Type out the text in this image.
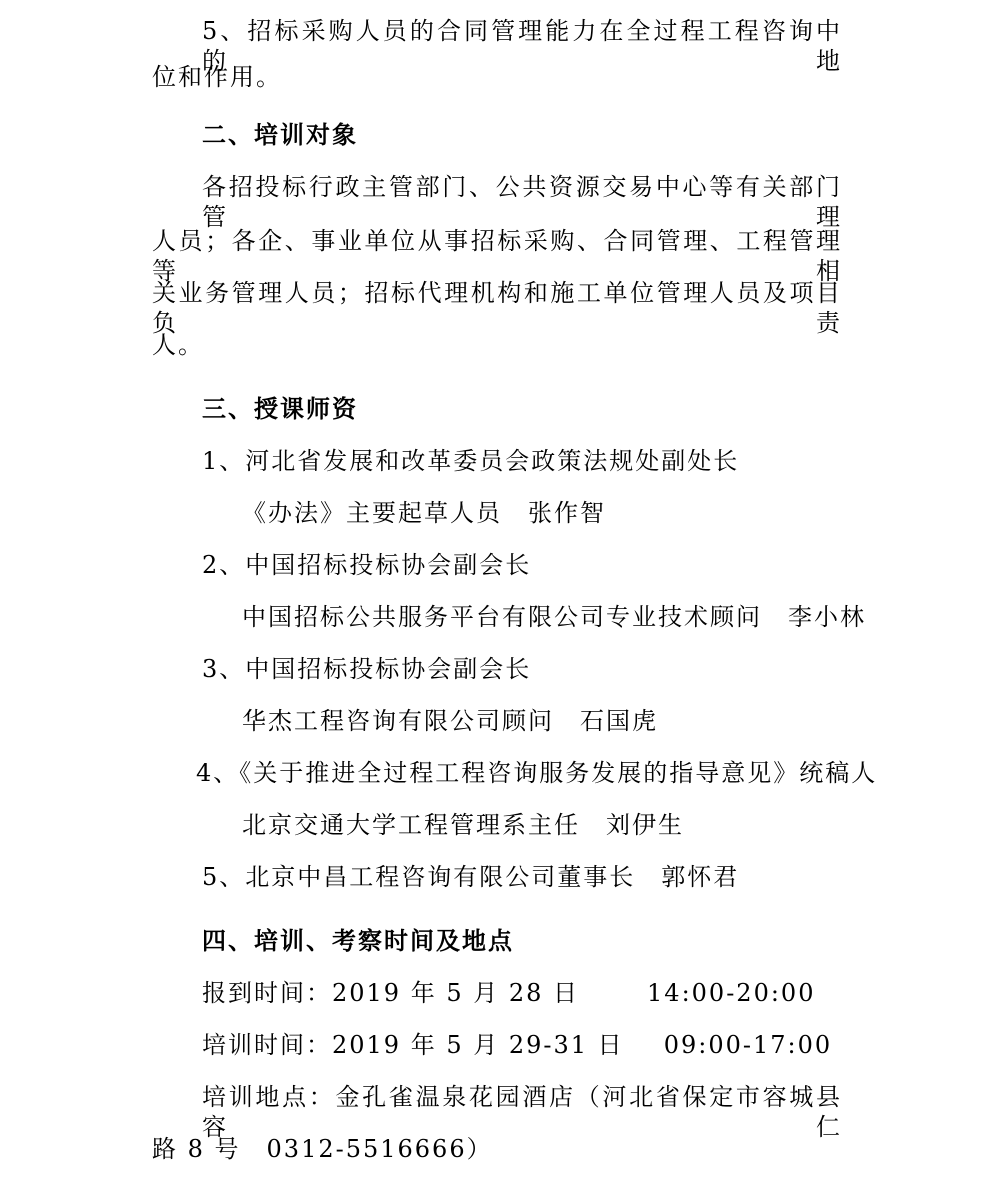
5、招标采购人员的合同管理能力在全过程工程咨询中的地
位和作用。
二、培训对象
各招投标行政主管部门、公共资源交易中心等有关部门管理
人员；各企、事业单位从事招标采购、合同管理、工程管理等相
关业务管理人员；招标代理机构和施工单位管理人员及项目负责
人。
三、授课师资
1、河北省发展和改革委员会政策法规处副处长
《办法》主要起草人员 张作智
2、中国招标投标协会副会长
中国招标公共服务平台有限公司专业技术顾问 李小林
3、中国招标投标协会副会长
华杰工程咨询有限公司顾问 石国虎
4、《关于推进全过程工程咨询服务发展的指导意见》统稿人
北京交通大学工程管理系主任 刘伊生
5、北京中昌工程咨询有限公司董事长 郭怀君
四、培训、考察时间及地点
报到时间：2019 年 5 月 28 日	14:00-20:00
培训时间：2019 年 5 月 29-31 日 09:00-17:00
培训地点：金孔雀温泉花园酒店（河北省保定市容城县容仁
路 8 号　0312-5516666）
